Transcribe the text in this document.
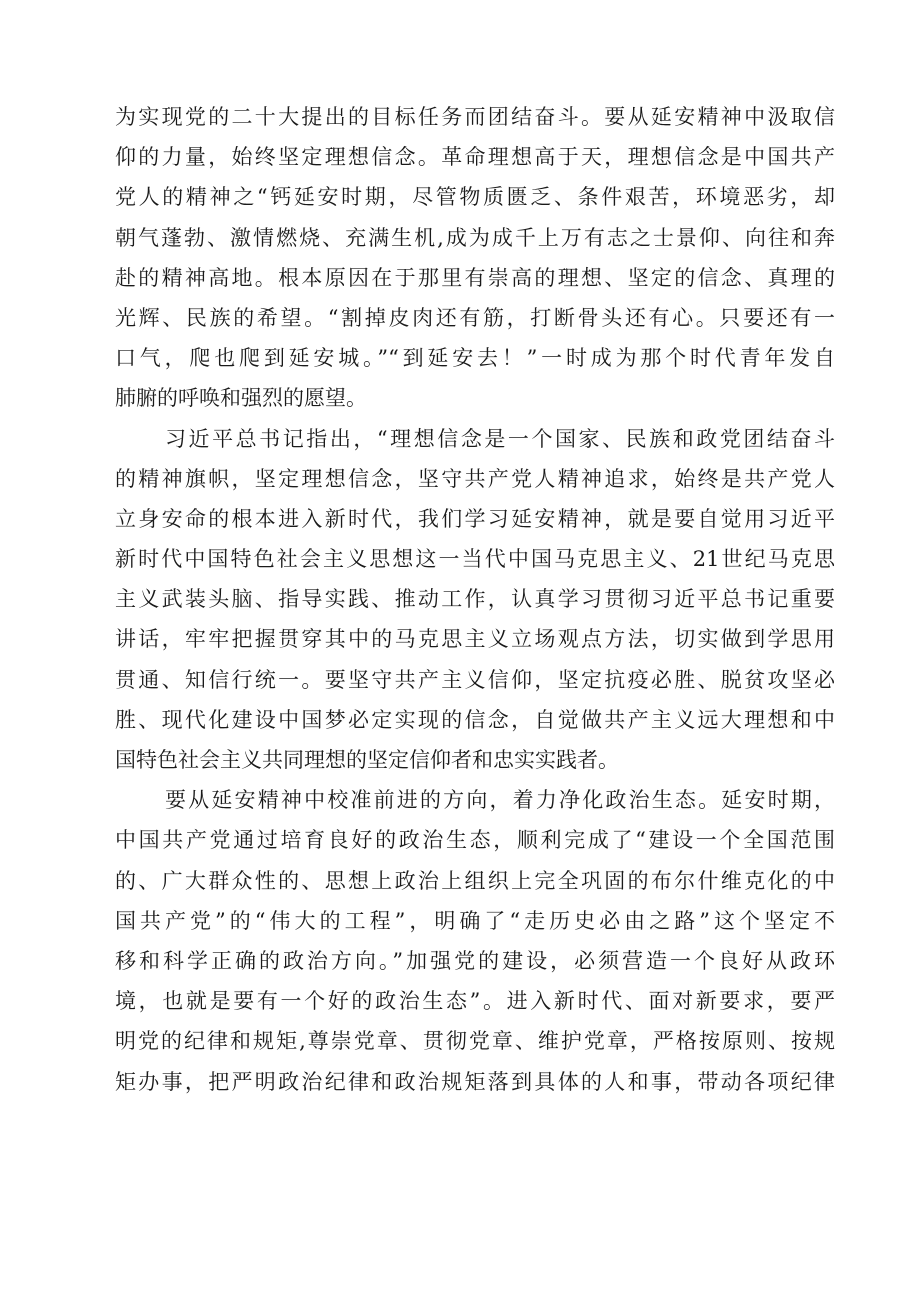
为实现党的二十大提出的目标任务而团结奋斗。要从延安精神中汲取信
仰的力量，始终坚定理想信念。革命理想高于天，理想信念是中国共产
党人的精神之“钙延安时期，尽管物质匮乏、条件艰苦，环境恶劣，却
朝气蓬勃、激情燃烧、充满生机,成为成千上万有志之士景仰、向往和奔
赴的精神高地。根本原因在于那里有崇高的理想、坚定的信念、真理的
光辉、民族的希望。“割掉皮肉还有筋，打断骨头还有心。只要还有一
口气，爬也爬到延安城。”“到延安去！”一时成为那个时代青年发自
肺腑的呼唤和强烈的愿望。
习近平总书记指出，“理想信念是一个国家、民族和政党团结奋斗
的精神旗帜，坚定理想信念，坚守共产党人精神追求，始终是共产党人
立身安命的根本进入新时代，我们学习延安精神，就是要自觉用习近平
新时代中国特色社会主义思想这一当代中国马克思主义、21世纪马克思
主义武装头脑、指导实践、推动工作，认真学习贯彻习近平总书记重要
讲话，牢牢把握贯穿其中的马克思主义立场观点方法，切实做到学思用
贯通、知信行统一。要坚守共产主义信仰，坚定抗疫必胜、脱贫攻坚必
胜、现代化建设中国梦必定实现的信念，自觉做共产主义远大理想和中
国特色社会主义共同理想的坚定信仰者和忠实实践者。
要从延安精神中校准前进的方向，着力净化政治生态。延安时期，
中国共产党通过培育良好的政治生态，顺利完成了“建设一个全国范围
的、广大群众性的、思想上政治上组织上完全巩固的布尔什维克化的中
国共产党”的“伟大的工程”，明确了“走历史必由之路”这个坚定不
移和科学正确的政治方向。”加强党的建设，必须营造一个良好从政环
境，也就是要有一个好的政治生态”。进入新时代、面对新要求，要严
明党的纪律和规矩,尊崇党章、贯彻党章、维护党章，严格按原则、按规
矩办事，把严明政治纪律和政治规矩落到具体的人和事，带动各项纪律
